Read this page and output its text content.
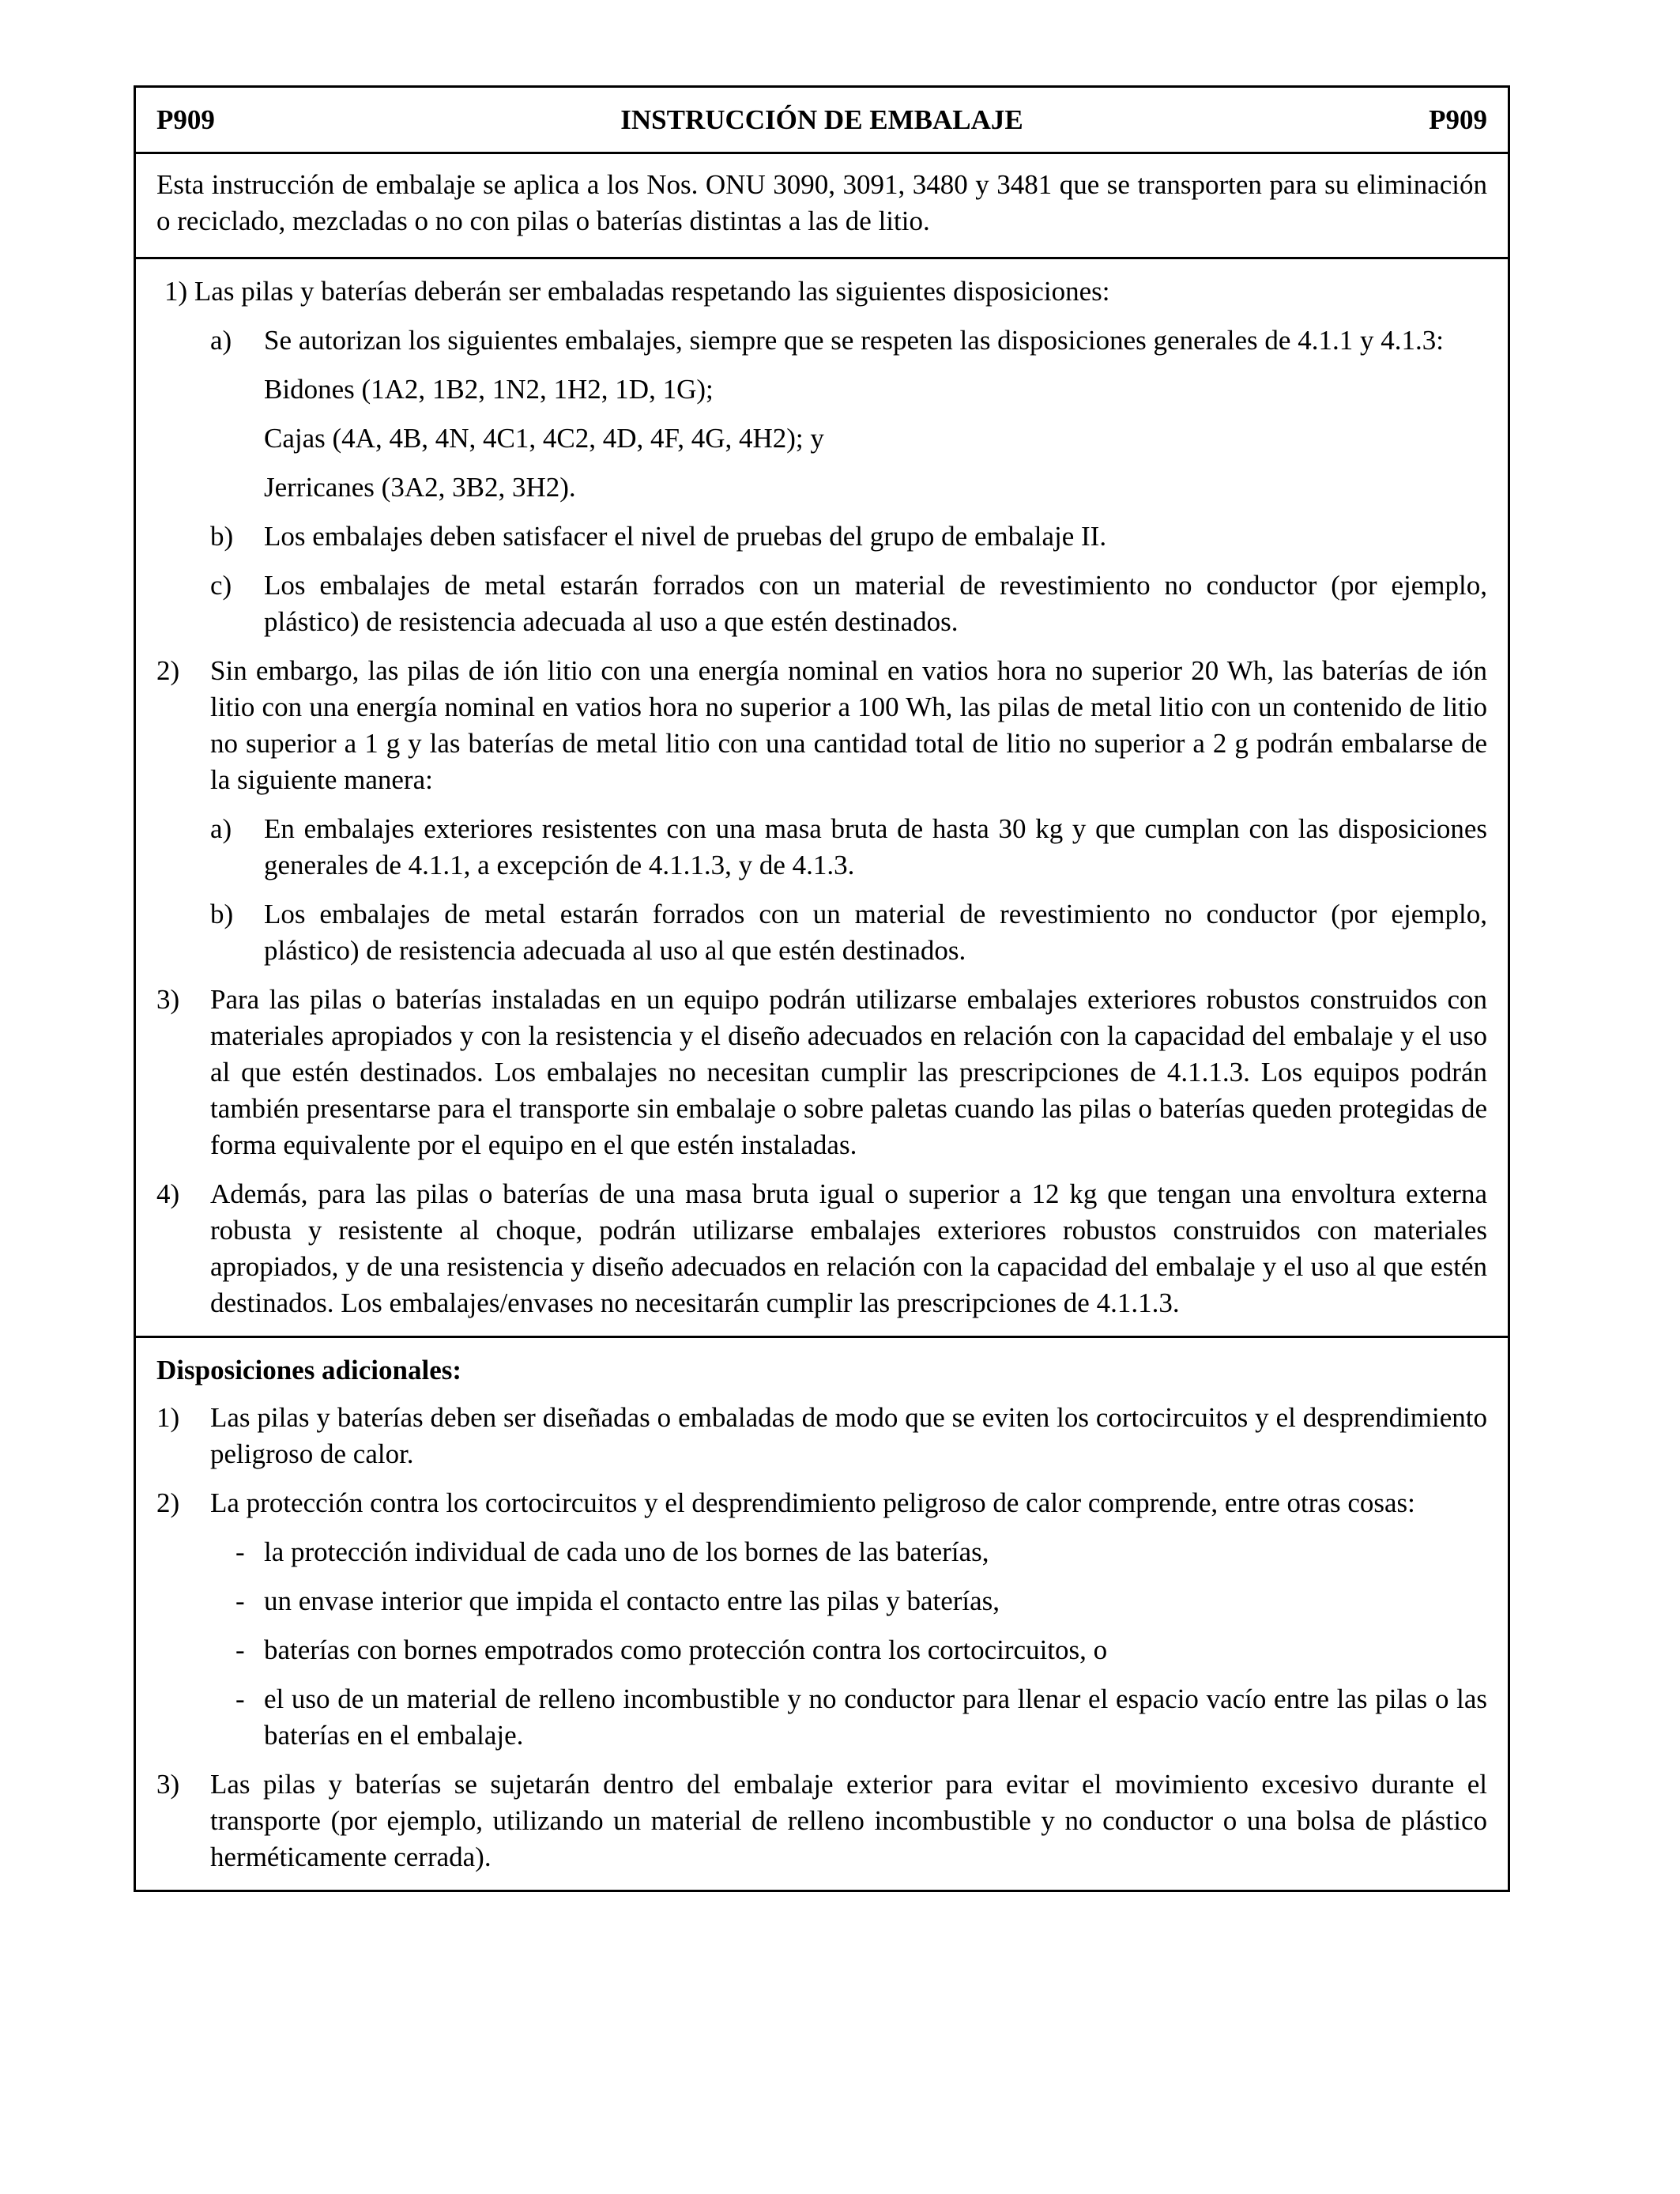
P909	INSTRUCCIÓN DE EMBALAJE	P909
Esta instrucción de embalaje se aplica a los Nos. ONU 3090, 3091, 3480 y 3481 que se transporten para su eliminación o reciclado, mezcladas o no con pilas o baterías distintas a las de litio.
1) Las pilas y baterías deberán ser embaladas respetando las siguientes disposiciones:
a)	Se autorizan los siguientes embalajes, siempre que se respeten las disposiciones generales de 4.1.1 y 4.1.3:
Bidones (1A2, 1B2, 1N2, 1H2, 1D, 1G);
Cajas (4A, 4B, 4N, 4C1, 4C2, 4D, 4F, 4G, 4H2); y
Jerricanes (3A2, 3B2, 3H2).
b)	Los embalajes deben satisfacer el nivel de pruebas del grupo de embalaje II.
c)	Los embalajes de metal estarán forrados con un material de revestimiento no conductor (por ejemplo, plástico) de resistencia adecuada al uso a que estén destinados.
2)	Sin embargo, las pilas de ión litio con una energía nominal en vatios hora no superior 20 Wh, las baterías de ión litio con una energía nominal en vatios hora no superior a 100 Wh, las pilas de metal litio con un contenido de litio no superior a 1 g y las baterías de metal litio con una cantidad total de litio no superior a 2 g podrán embalarse de la siguiente manera:
a)	En embalajes exteriores resistentes con una masa bruta de hasta 30 kg y que cumplan con las disposiciones generales de 4.1.1, a excepción de 4.1.1.3, y de 4.1.3.
b)	Los embalajes de metal estarán forrados con un material de revestimiento no conductor (por ejemplo, plástico) de resistencia adecuada al uso al que estén destinados.
3)	Para las pilas o baterías instaladas en un equipo podrán utilizarse embalajes exteriores robustos construidos con materiales apropiados y con la resistencia y el diseño adecuados en relación con la capacidad del embalaje y el uso al que estén destinados. Los embalajes no necesitan cumplir las prescripciones de 4.1.1.3. Los equipos podrán también presentarse para el transporte sin embalaje o sobre paletas cuando las pilas o baterías queden protegidas de forma equivalente por el equipo en el que estén instaladas.
4)	Además, para las pilas o baterías de una masa bruta igual o superior a 12 kg que tengan una envoltura externa robusta y resistente al choque, podrán utilizarse embalajes exteriores robustos construidos con materiales apropiados, y de una resistencia y diseño adecuados en relación con la capacidad del embalaje y el uso al que estén destinados. Los embalajes/envases no necesitarán cumplir las prescripciones de 4.1.1.3.
Disposiciones adicionales:
1)	Las pilas y baterías deben ser diseñadas o embaladas de modo que se eviten los cortocircuitos y el desprendimiento peligroso de calor.
2)	La protección contra los cortocircuitos y el desprendimiento peligroso de calor comprende, entre otras cosas:
- la protección individual de cada uno de los bornes de las baterías,
- un envase interior que impida el contacto entre las pilas y baterías,
- baterías con bornes empotrados como protección contra los cortocircuitos, o
- el uso de un material de relleno incombustible y no conductor para llenar el espacio vacío entre las pilas o las baterías en el embalaje.
3)	Las pilas y baterías se sujetarán dentro del embalaje exterior para evitar el movimiento excesivo durante el transporte (por ejemplo, utilizando un material de relleno incombustible y no conductor o una bolsa de plástico herméticamente cerrada).
